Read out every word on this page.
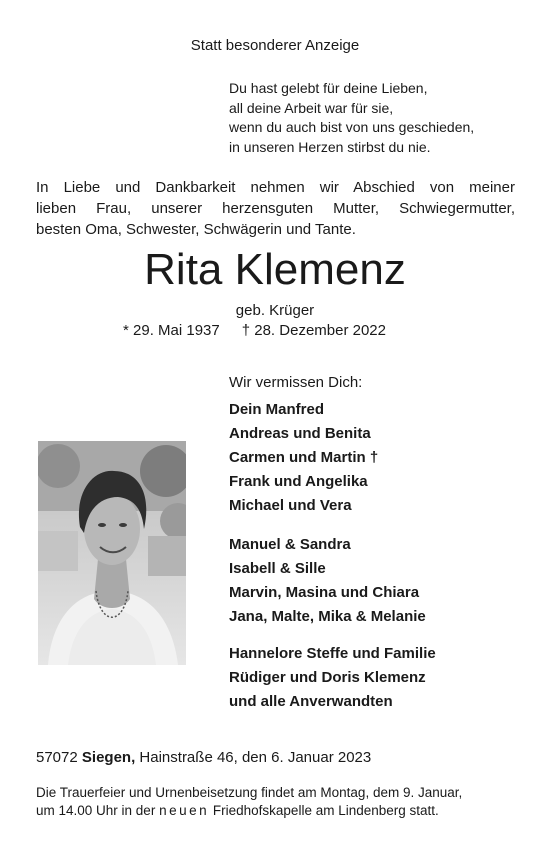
Statt besonderer Anzeige
Du hast gelebt für deine Lieben,
all deine Arbeit war für sie,
wenn du auch bist von uns geschieden,
in unseren Herzen stirbst du nie.
In Liebe und Dankbarkeit nehmen wir Abschied von meiner
lieben Frau, unserer herzensguten Mutter, Schwiegermutter,
besten Oma, Schwester, Schwägerin und Tante.
Rita Klemenz
geb. Krüger
* 29. Mai 1937 † 28. Dezember 2022
Wir vermissen Dich:
Dein Manfred
Andreas und Benita
Carmen und Martin †
Frank und Angelika
Michael und Vera
Manuel & Sandra
Isabell & Sille
Marvin, Masina und Chiara
Jana, Malte, Mika & Melanie
Hannelore Steffe und Familie
Rüdiger und Doris Klemenz
und alle Anverwandten
57072 Siegen, Hainstraße 46, den 6. Januar 2023
Die Trauerfeier und Urnenbeisetzung findet am Montag, dem 9. Januar,
um 14.00 Uhr in der neuen Friedhofskapelle am Lindenberg statt.
